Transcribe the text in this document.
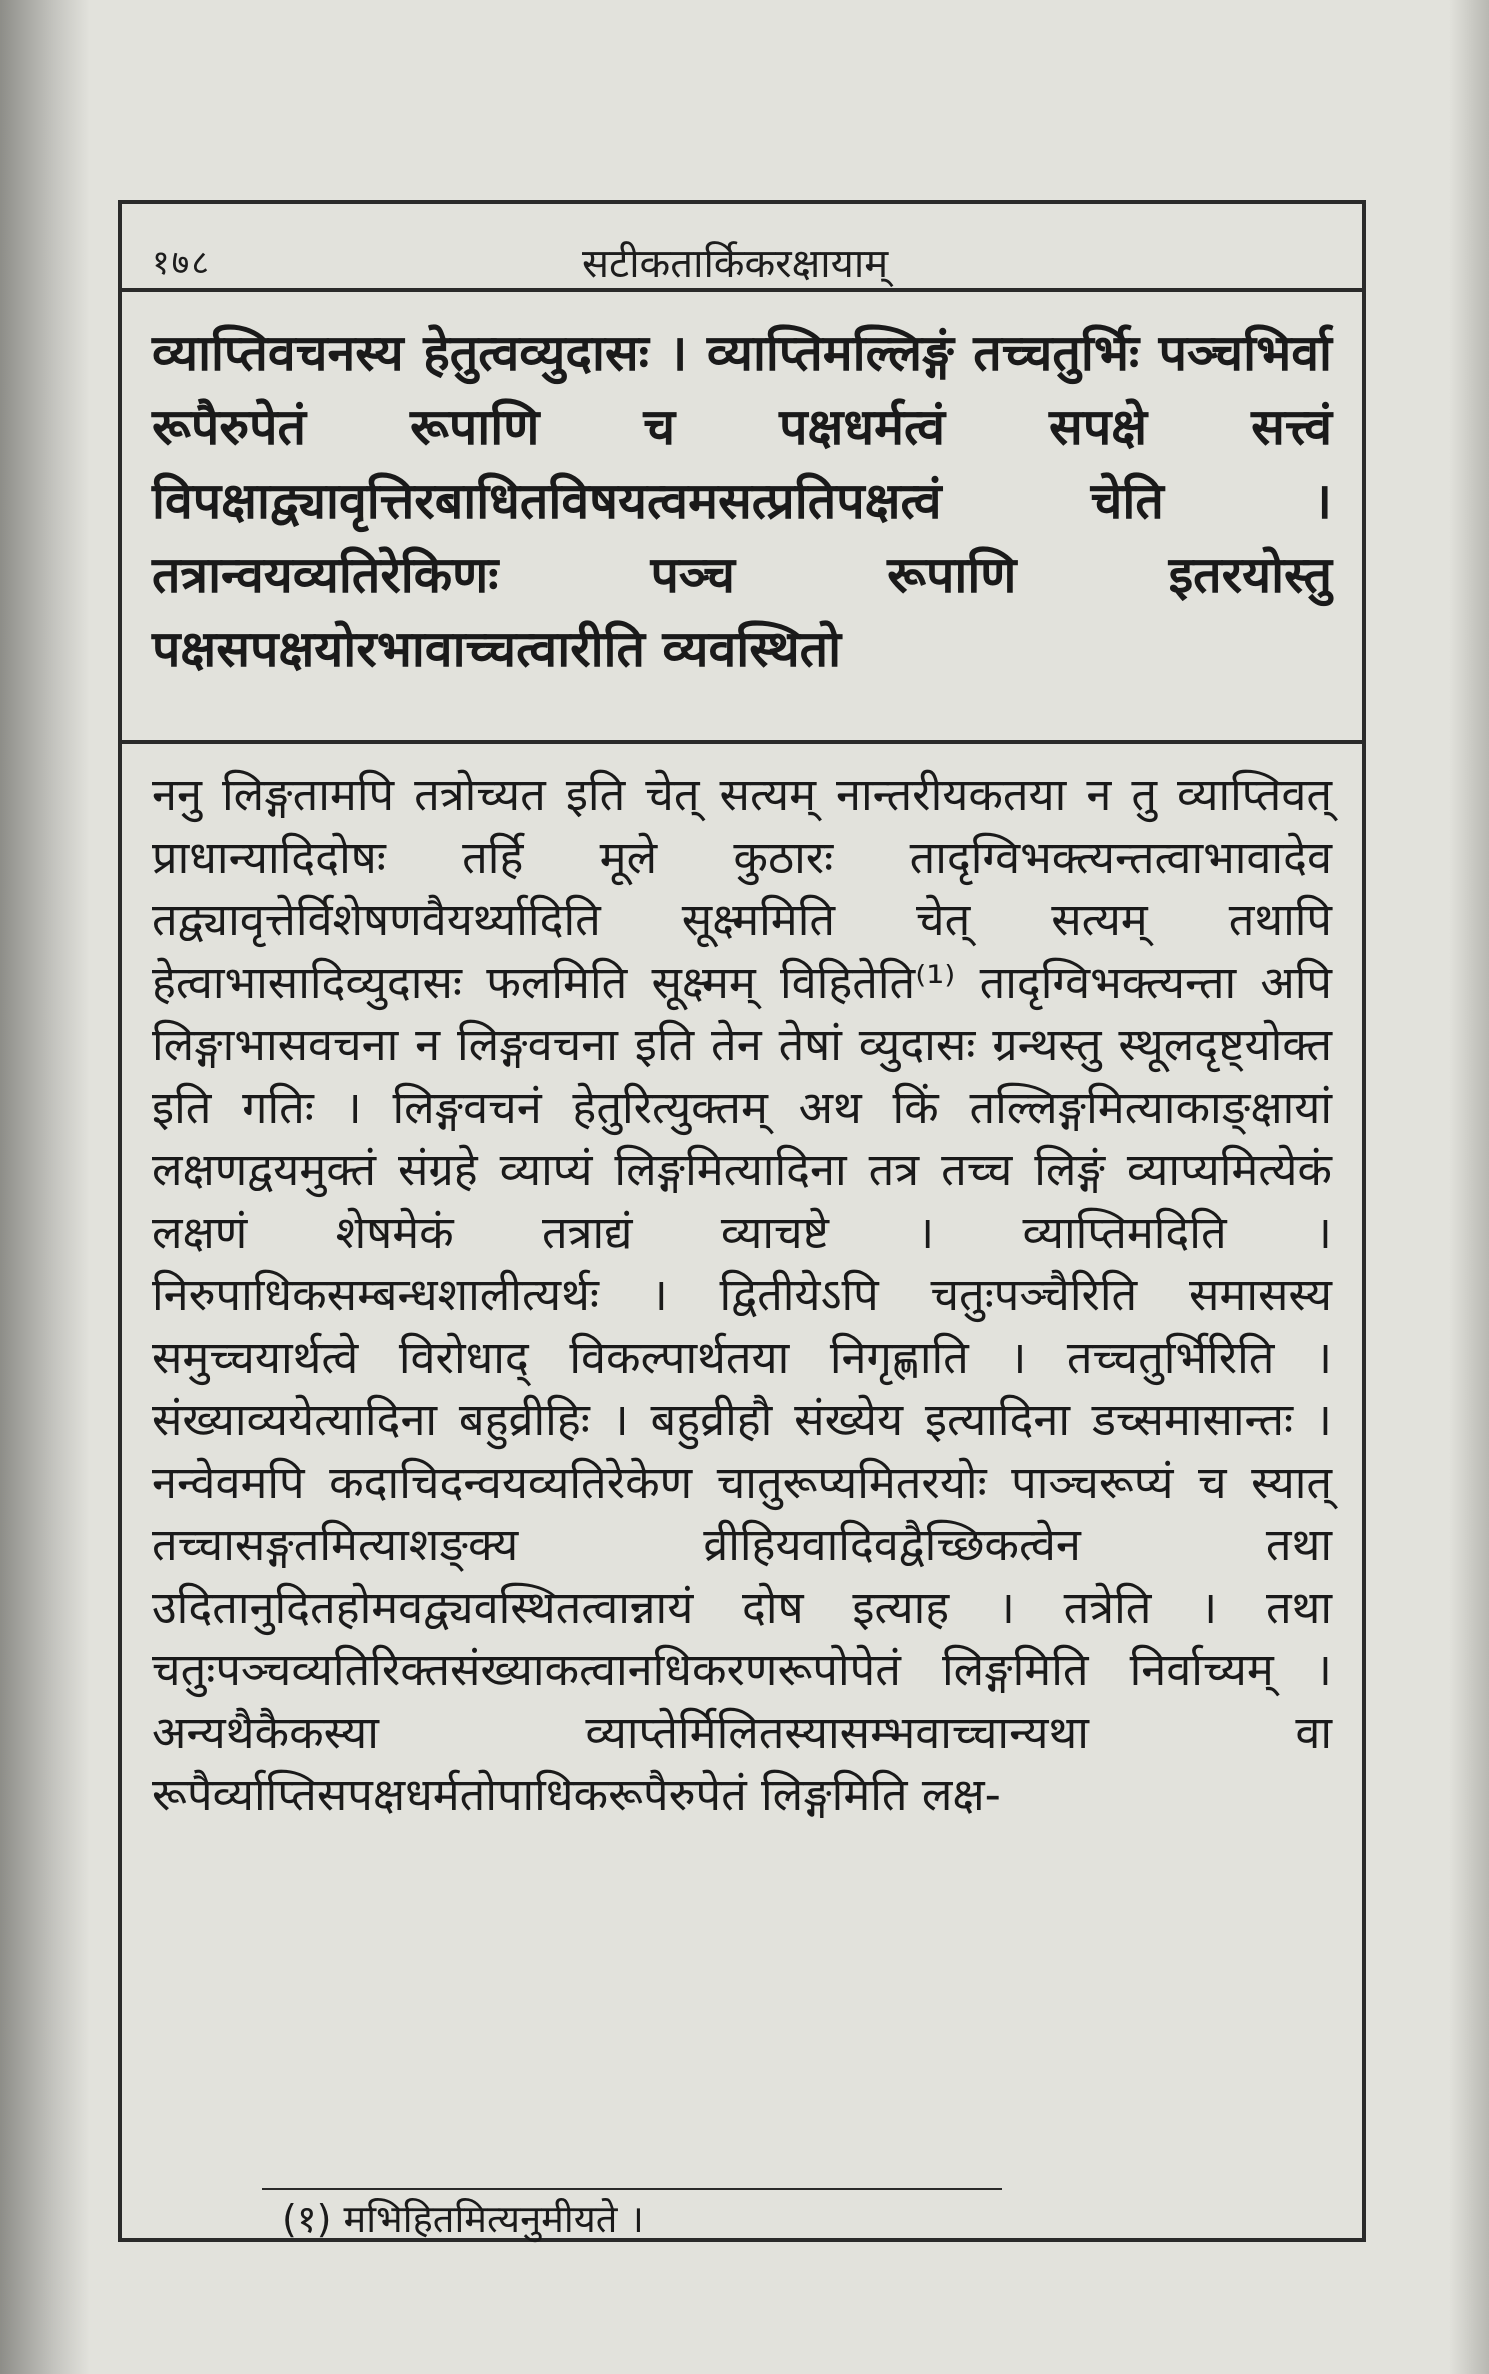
१७८	सटीकतार्किकरक्षायाम्
व्याप्तिवचनस्य हेतुत्वव्युदासः । व्याप्तिमल्लिङ्गं तच्चतुर्भिः पञ्चभिर्वा रूपैरुपेतं रूपाणि च पक्षधर्मत्वं सपक्षे सत्त्वं विपक्षाद्व्यावृत्तिरबाधितविषयत्वमसत्प्रतिपक्षत्वं चेति । तत्रान्वयव्यतिरेकिणः पञ्च रूपाणि इतरयोस्तु पक्षसपक्षयोरभावाच्चत्वारीति व्यवस्थितो
ननु लिङ्गतामपि तत्रोच्यत इति चेत् सत्यम् नान्तरीयकतया न तु व्याप्तिवत् प्राधान्यादिदोषः तर्हि मूले कुठारः तादृग्विभक्त्यन्तत्वाभावादेव तद्व्यावृत्तेर्विशेषणवैयर्थ्यादिति सूक्ष्ममिति चेत् सत्यम् तथापि हेत्वाभासादिव्युदासः फलमिति सूक्ष्मम् विहितेति⁽¹⁾ तादृग्विभक्त्यन्ता अपि लिङ्गाभासवचना न लिङ्गवचना इति तेन तेषां व्युदासः ग्रन्थस्तु स्थूलदृष्ट्योक्त इति गतिः । लिङ्गवचनं हेतुरित्युक्तम् अथ किं तल्लिङ्गमित्याकाङ्क्षायां लक्षणद्वयमुक्तं संग्रहे व्याप्यं लिङ्गमित्यादिना तत्र तच्च लिङ्गं व्याप्यमित्येकं लक्षणं शेषमेकं तत्राद्यं व्याचष्टे । व्याप्तिमदिति । निरुपाधिकसम्बन्धशालीत्यर्थः । द्वितीयेऽपि चतुःपञ्चैरिति समासस्य समुच्चयार्थत्वे विरोधाद् विकल्पार्थतया निगृह्णाति । तच्चतुर्भिरिति । संख्याव्ययेत्यादिना बहुव्रीहिः । बहुव्रीहौ संख्येय इत्यादिना डच्समासान्तः । नन्वेवमपि कदाचिदन्वयव्यतिरेकेण चातुरूप्यमितरयोः पाञ्चरूप्यं च स्यात् तच्चासङ्गतमित्याशङ्क्य व्रीहियवादिवद्वैच्छिकत्वेन तथा उदितानुदितहोमवद्व्यवस्थितत्वान्नायं दोष इत्याह । तत्रेति । तथा चतुःपञ्चव्यतिरिक्तसंख्याकत्वानधिकरणरूपोपेतं लिङ्गमिति निर्वाच्यम् । अन्यथैकैकस्या व्याप्तेर्मिलितस्यासम्भवाच्चान्यथा वा रूपैर्व्याप्तिसपक्षधर्मतोपाधिकरूपैरुपेतं लिङ्गमिति लक्ष-
(१) मभिहितमित्यनुमीयते ।
